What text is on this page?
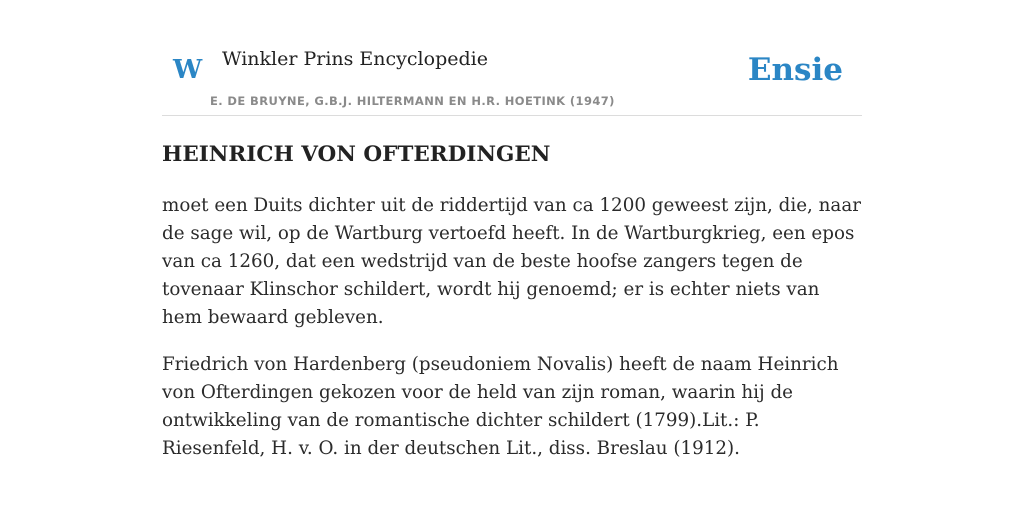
W Winkler Prins Encyclopedie
E. DE BRUYNE, G.B.J. HILTERMANN EN H.R. HOETINK (1947)
Ensie
HEINRICH VON OFTERDINGEN

moet een Duits dichter uit de riddertijd van ca 1200 geweest zijn, die, naar de sage wil, op de Wartburg vertoefd heeft. In de Wartburgkrieg, een epos van ca 1260, dat een wedstrijd van de beste hoofse zangers tegen de tovenaar Klinschor schildert, wordt hij genoemd; er is echter niets van hem bewaard gebleven.

Friedrich von Hardenberg (pseudoniem Novalis) heeft de naam Heinrich von Ofterdingen gekozen voor de held van zijn roman, waarin hij de ontwikkeling van de romantische dichter schildert (1799).Lit.: P. Riesenfeld, H. v. O. in der deutschen Lit., diss. Breslau (1912).
